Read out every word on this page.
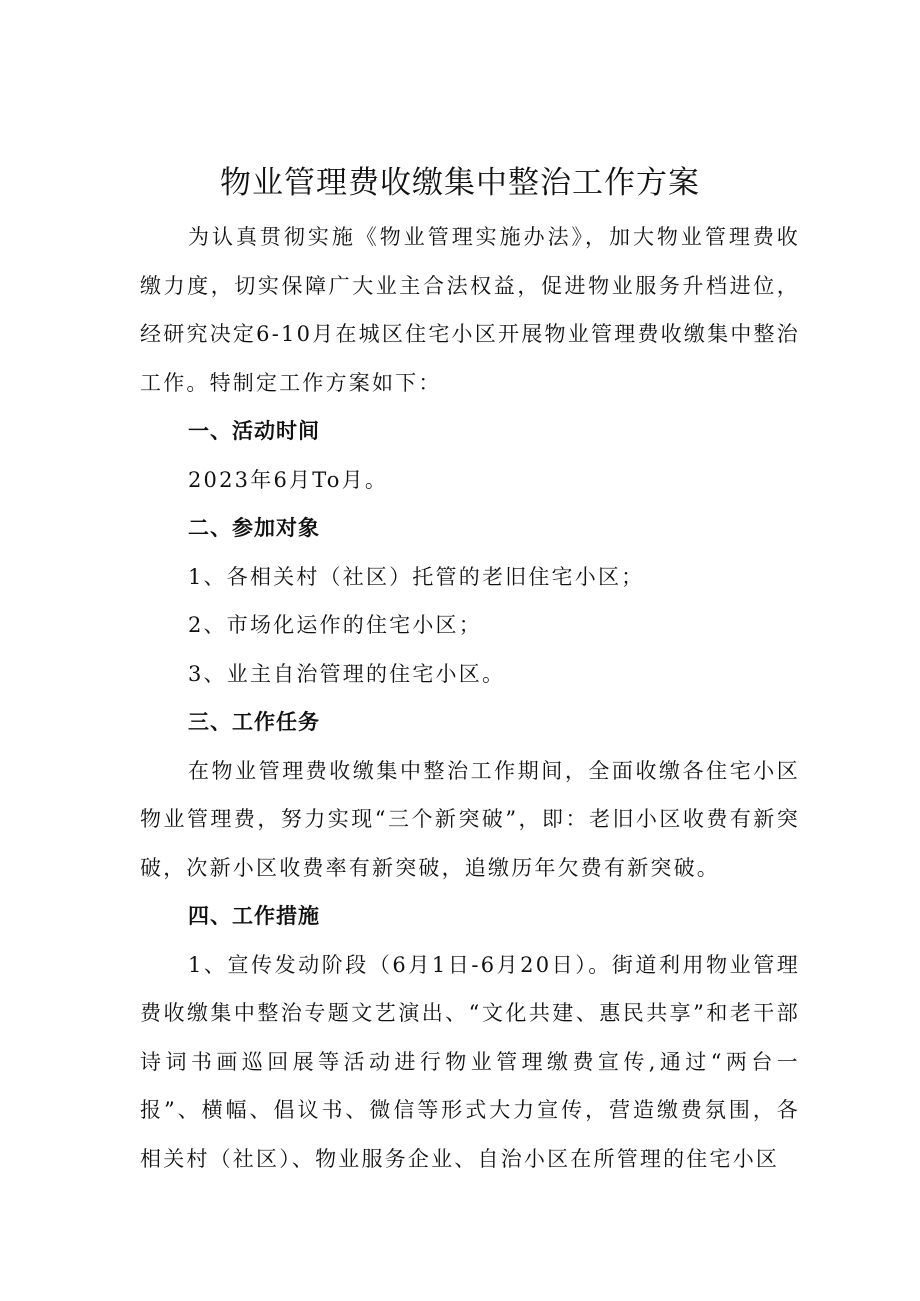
物业管理费收缴集中整治工作方案

为认真贯彻实施《物业管理实施办法》，加大物业管理费收缴力度，切实保障广大业主合法权益，促进物业服务升档进位，经研究决定6-10月在城区住宅小区开展物业管理费收缴集中整治工作。特制定工作方案如下：

一、活动时间

2023年6月To月。

二、参加对象

1、各相关村（社区）托管的老旧住宅小区；

2、市场化运作的住宅小区；

3、业主自治管理的住宅小区。

三、工作任务

在物业管理费收缴集中整治工作期间，全面收缴各住宅小区物业管理费，努力实现“三个新突破”，即：老旧小区收费有新突破，次新小区收费率有新突破，追缴历年欠费有新突破。

四、工作措施

1、宣传发动阶段（6月1日-6月20日）。街道利用物业管理费收缴集中整治专题文艺演出、“文化共建、惠民共享”和老干部诗词书画巡回展等活动进行物业管理缴费宣传,通过“两台一报”、横幅、倡议书、微信等形式大力宣传，营造缴费氛围，各相关村（社区）、物业服务企业、自治小区在所管理的住宅小区
